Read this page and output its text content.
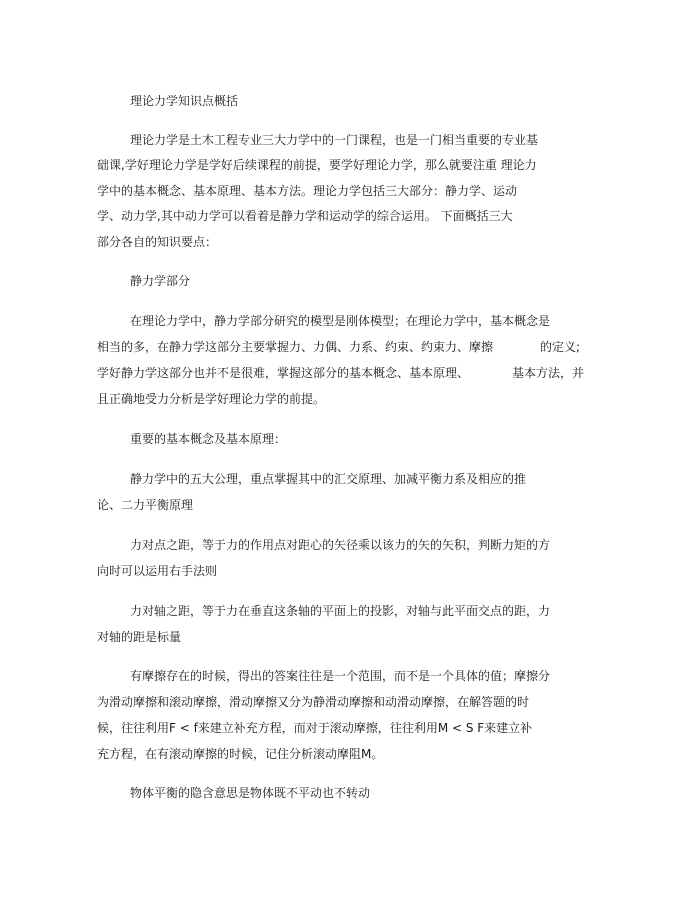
理论力学知识点概括
理论力学是土木工程专业三大力学中的一门课程，也是一门相当重要的专业基
础课,学好理论力学是学好后续课程的前提，要学好理论力学，那么就要注重 理论力
学中的基本概念、基本原理、基本方法。理论力学包括三大部分：静力学、运动
学、动力学,其中动力学可以看着是静力学和运动学的综合运用。 下面概括三大
部分各自的知识要点：
静力学部分
在理论力学中，静力学部分研究的模型是刚体模型；在理论力学中，基本概念是
相当的多，在静力学这部分主要掌握力、力偶、力系、约束、约束力、摩擦	的定义;
学好静力学这部分也并不是很难，掌握这部分的基本概念、基本原理、	基本方法，并
且正确地受力分析是学好理论力学的前提。
重要的基本概念及基本原理：
静力学中的五大公理，重点掌握其中的汇交原理、加减平衡力系及相应的推
论、二力平衡原理
力对点之距，等于力的作用点对距心的矢径乘以该力的矢的矢积，判断力矩的方
向时可以运用右手法则
力对轴之距，等于力在垂直这条轴的平面上的投影，对轴与此平面交点的距，力
对轴的距是标量
有摩擦存在的时候，得出的答案往往是一个范围，而不是一个具体的值；摩擦分
为滑动摩擦和滚动摩擦，滑动摩擦又分为静滑动摩擦和动滑动摩擦，在解答题的时
候，往往利用F < f来建立补充方程，而对于滚动摩擦，往往利用M < S F来建立补
充方程，在有滚动摩擦的时候，记住分析滚动摩阻M。
物体平衡的隐含意思是物体既不平动也不转动
